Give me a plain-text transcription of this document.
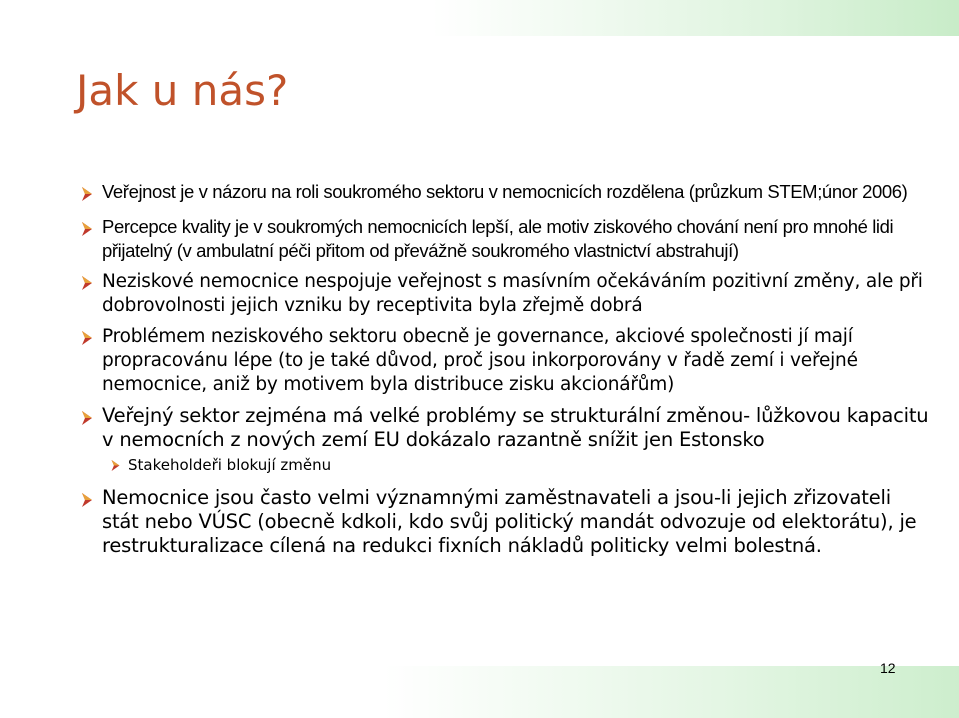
Jak u nás?
Veřejnost je v názoru na roli soukromého sektoru v nemocnicích rozdělena (průzkum STEM;únor 2006)
Percepce kvality je v soukromých nemocnicích lepší, ale motiv ziskového chování není pro mnohé lidi přijatelný (v ambulatní péči přitom od převážně soukromého vlastnictví abstrahují)
Neziskové nemocnice nespojuje veřejnost s masívním očekáváním pozitivní změny, ale při dobrovolnosti jejich vzniku by receptivita byla zřejmě dobrá
Problémem neziskového sektoru obecně je governance, akciové společnosti jí mají propracovánu lépe (to je také důvod, proč jsou inkorporovány v řadě zemí i veřejné nemocnice, aniž by motivem byla distribuce zisku akcionářům)
Veřejný sektor zejména má velké problémy se strukturální změnou- lůžkovou kapacitu v nemocních z nových zemí EU dokázalo razantně snížit jen Estonsko
Stakeholdeři blokují změnu
Nemocnice jsou často velmi významnými zaměstnavateli a jsou-li jejich zřizovateli stát nebo VÚSC (obecně kdkoli, kdo svůj politický mandát odvozuje od elektorátu), je restrukturalizace cílená na redukci fixních nákladů politicky velmi bolestná.
12
